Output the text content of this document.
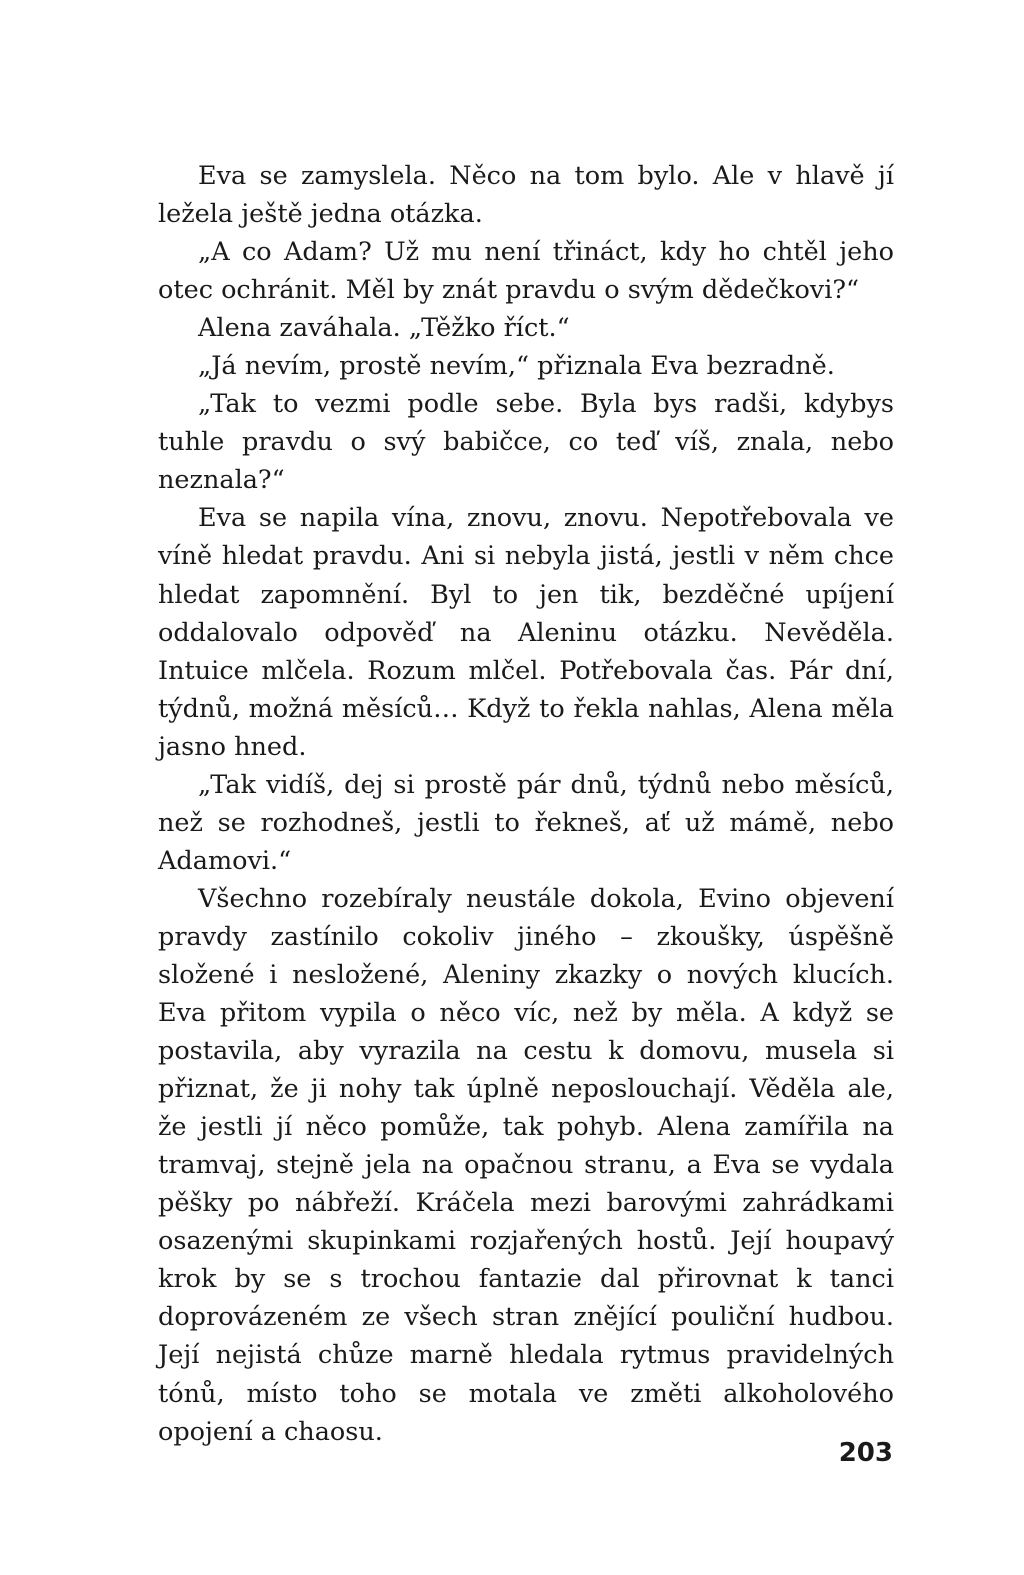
Eva se zamyslela. Něco na tom bylo. Ale v hlavě jí ležela ještě jedna otázka.

„A co Adam? Už mu není třináct, kdy ho chtěl jeho otec ochránit. Měl by znát pravdu o svým dědečkovi?“

Alena zaváhala. „Těžko říct.“

„Já nevím, prostě nevím,“ přiznala Eva bezradně.

„Tak to vezmi podle sebe. Byla bys radši, kdybys tuhle pravdu o svý babičce, co teď víš, znala, nebo neznala?“

Eva se napila vína, znovu, znovu. Nepotřebovala ve víně hledat pravdu. Ani si nebyla jistá, jestli v něm chce hledat zapomnění. Byl to jen tik, bezděčné upíjení oddalovalo odpověď na Aleninu otázku. Nevěděla. Intuice mlčela. Rozum mlčel. Potřebovala čas. Pár dní, týdnů, možná měsíců… Když to řekla nahlas, Alena měla jasno hned.

„Tak vidíš, dej si prostě pár dnů, týdnů nebo měsíců, než se rozhodneš, jestli to řekneš, ať už mámě, nebo Adamovi.“

Všechno rozebíraly neustále dokola, Evino objevení pravdy zastínilo cokoliv jiného – zkoušky, úspěšně složené i nesložené, Aleniny zkazky o nových klucích. Eva přitom vypila o něco víc, než by měla. A když se postavila, aby vyrazila na cestu k domovu, musela si přiznat, že ji nohy tak úplně neposlouchají. Věděla ale, že jestli jí něco pomůže, tak pohyb. Alena zamířila na tramvaj, stejně jela na opačnou stranu, a Eva se vydala pěšky po nábřeží. Kráčela mezi barovými zahrádkami osazenými skupinkami rozjařených hostů. Její houpavý krok by se s trochou fantazie dal přirovnat k tanci doprovázeném ze všech stran znějící pouliční hudbou. Její nejistá chůze marně hledala rytmus pravidelných tónů, místo toho se motala ve změti alkoholového opojení a chaosu.

203
